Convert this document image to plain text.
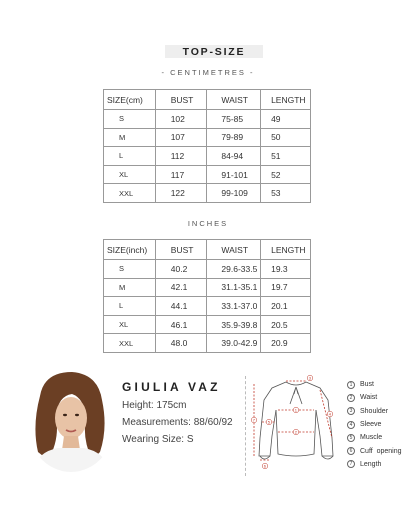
TOP-SIZE
- CENTIMETRES -
SIZE(cm)	BUST	WAIST	LENGTH
S	102	75-85	49
M	107	79-89	50
L	112	84-94	51
XL	117	91-101	52
XXL	122	99-109	53
INCHES
SIZE(inch)	BUST	WAIST	LENGTH
S	40.2	29.6-33.5	19.3
M	42.1	31.1-35.1	19.7
L	44.1	33.1-37.0	20.1
XL	46.1	35.9-39.8	20.5
XXL	48.0	39.0-42.9	20.9
GIULIA VAZ
Height: 175cm
Measurements: 88/60/92
Wearing Size: S
7
1
2
3
4
5
6
1	Bust
2	Waist
3	Shoulder
4	Sleeve
5	Muscle
6	Cuff  opening
7	Length
